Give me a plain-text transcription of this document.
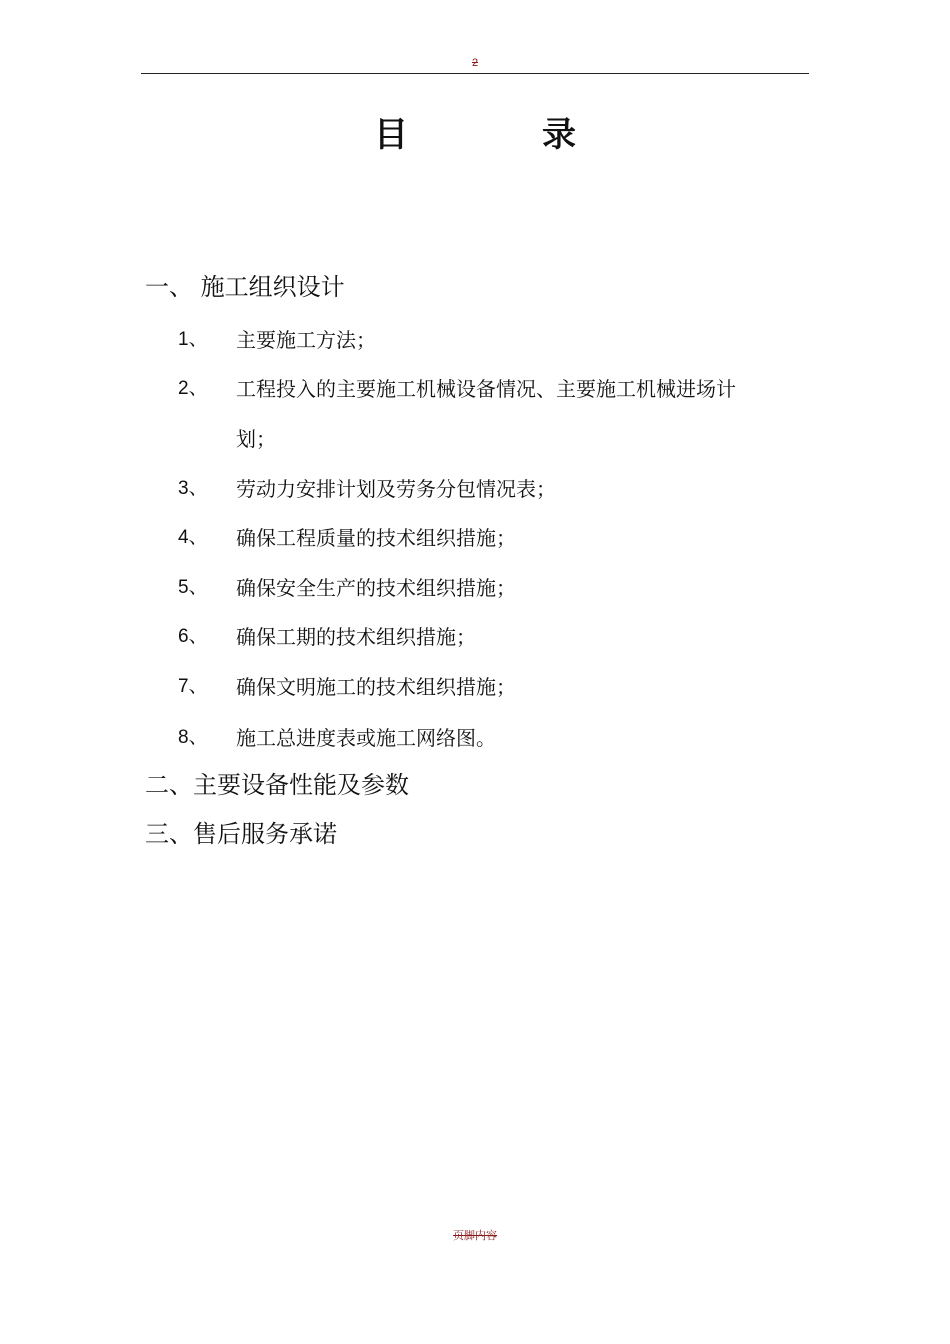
2
目　录
一、 施工组织设计
1、 主要施工方法；
2、 工程投入的主要施工机械设备情况、主要施工机械进场计
划；
3、 劳动力安排计划及劳务分包情况表；
4、 确保工程质量的技术组织措施；
5、 确保安全生产的技术组织措施；
6、 确保工期的技术组织措施；
7、 确保文明施工的技术组织措施；
8、 施工总进度表或施工网络图。
二、主要设备性能及参数
三、售后服务承诺
页脚内容
